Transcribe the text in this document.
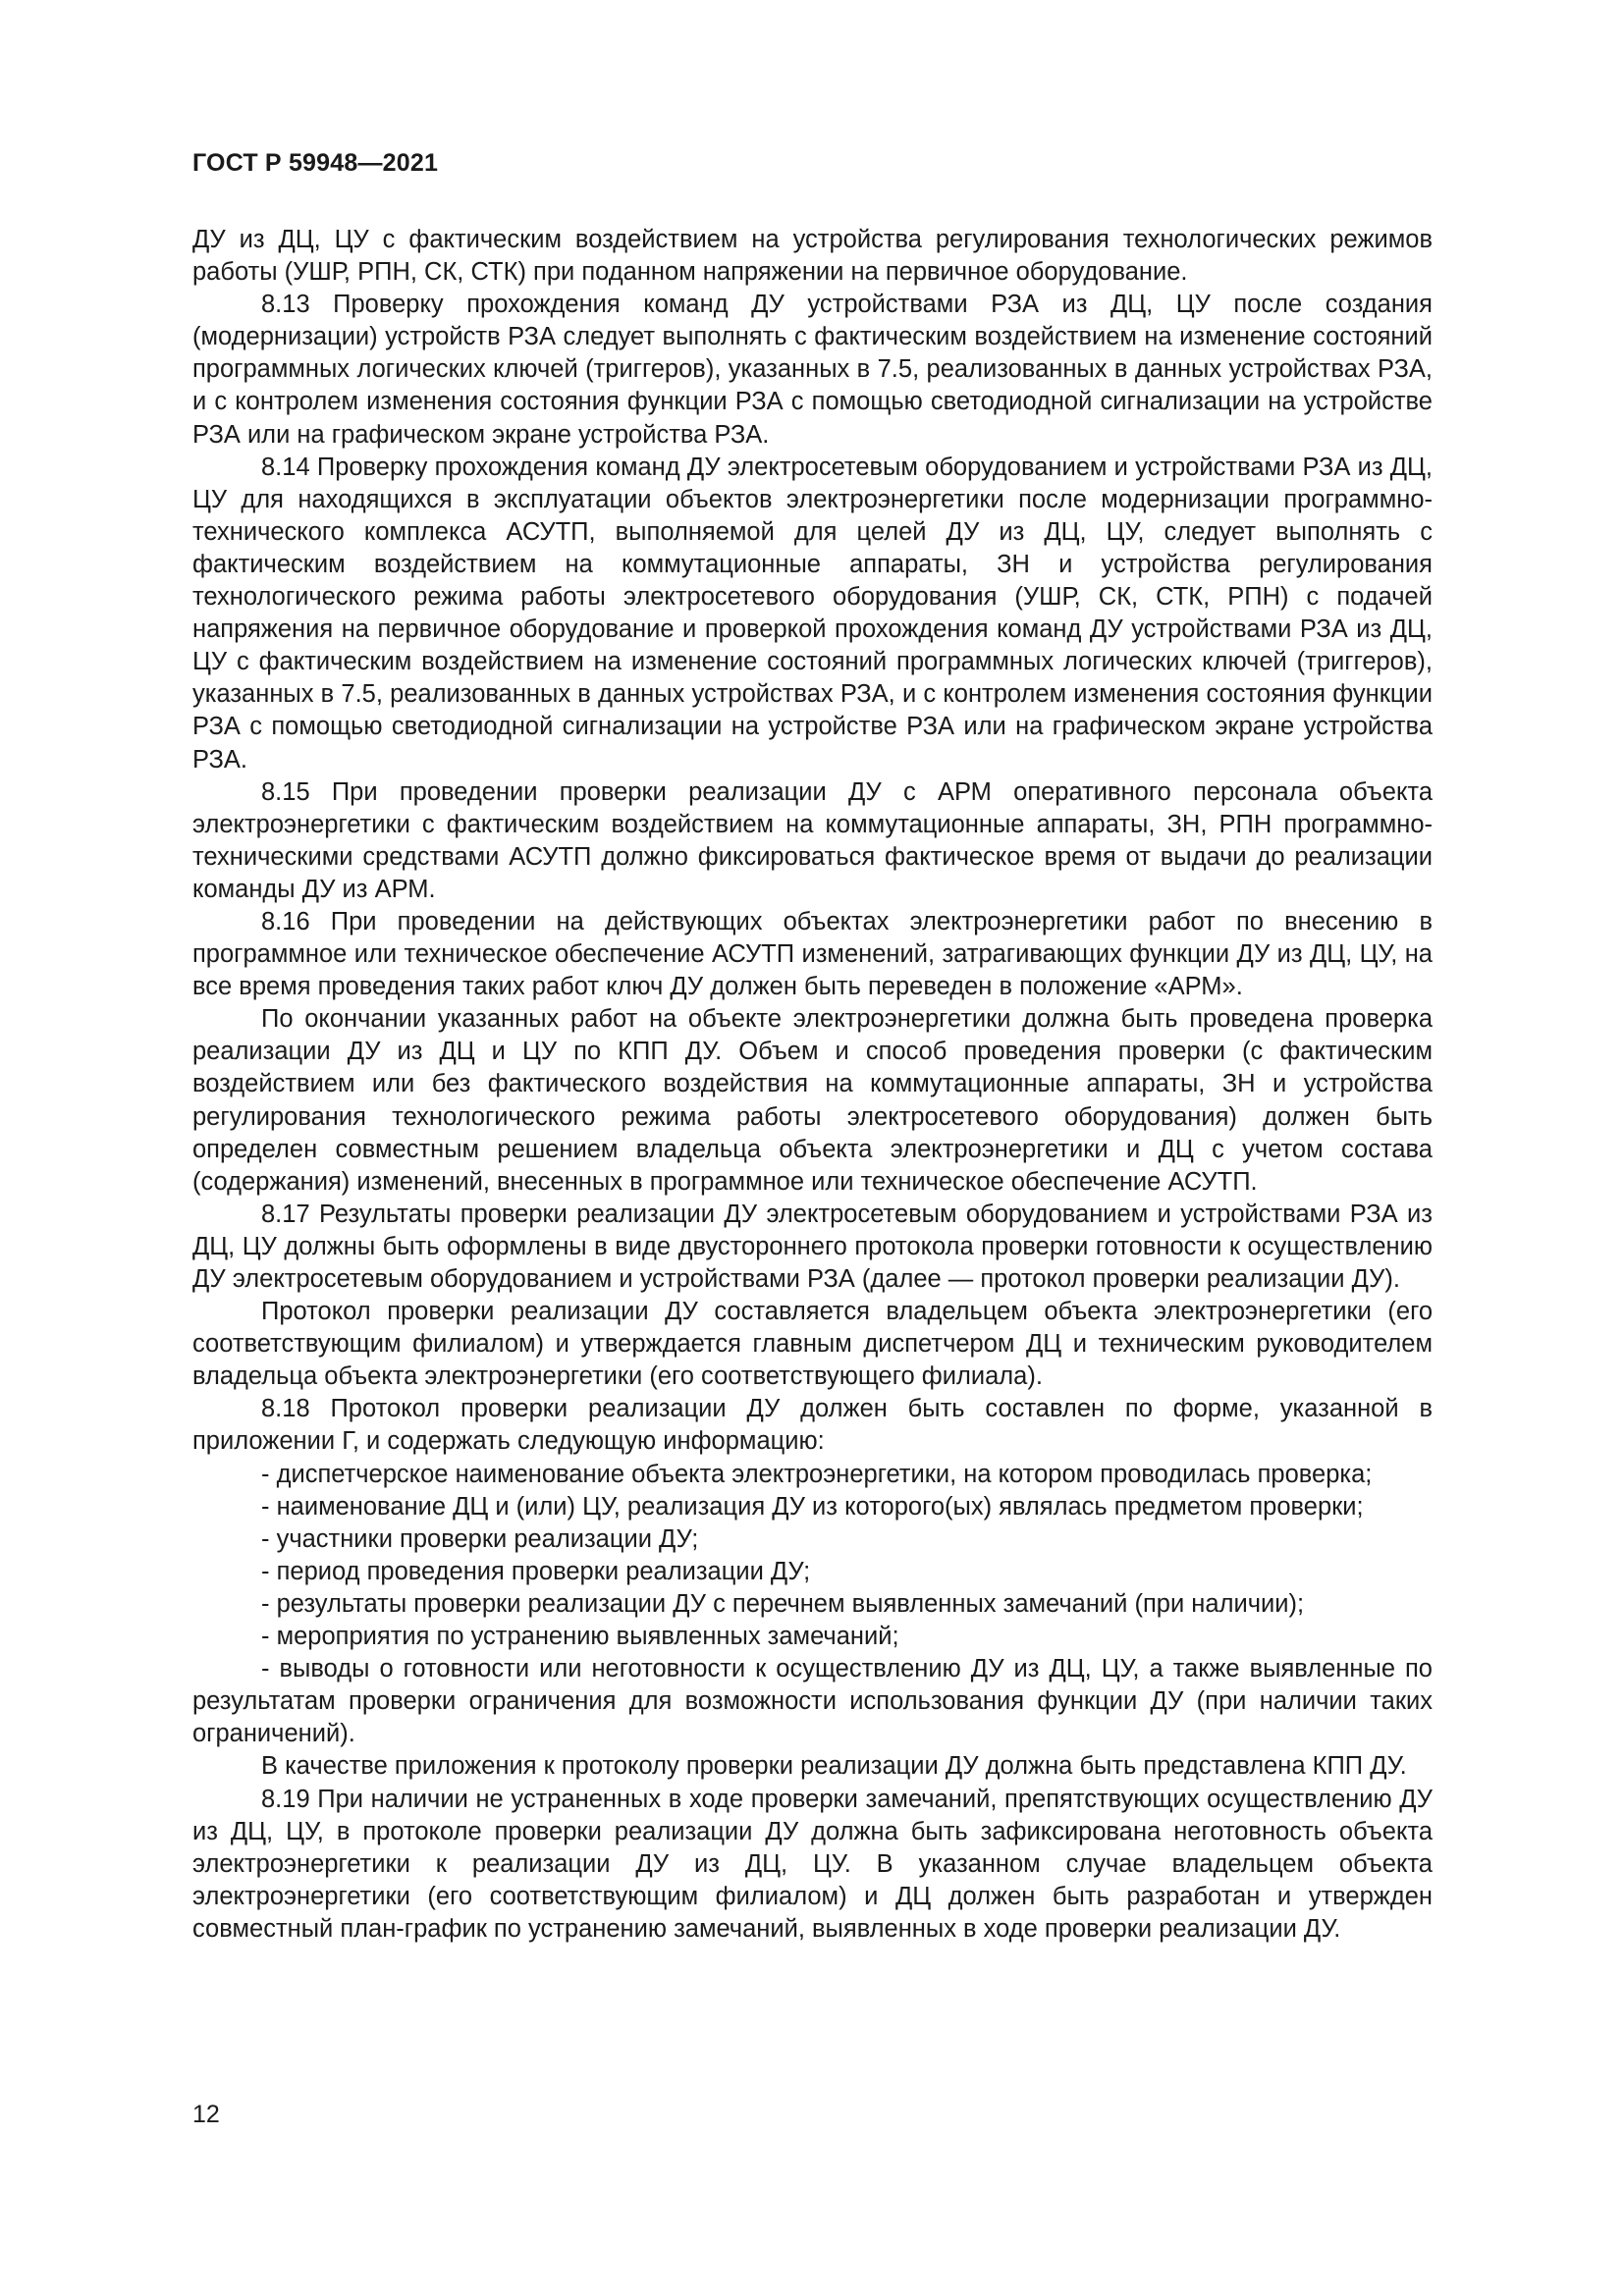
ГОСТ Р 59948—2021

ДУ из ДЦ, ЦУ с фактическим воздействием на устройства регулирования технологических режимов работы (УШР, РПН, СК, СТК) при поданном напряжении на первичное оборудование.

8.13 Проверку прохождения команд ДУ устройствами РЗА из ДЦ, ЦУ после создания (модернизации) устройств РЗА следует выполнять с фактическим воздействием на изменение состояний программных логических ключей (триггеров), указанных в 7.5, реализованных в данных устройствах РЗА, и с контролем изменения состояния функции РЗА с помощью светодиодной сигнализации на устройстве РЗА или на графическом экране устройства РЗА.

8.14 Проверку прохождения команд ДУ электросетевым оборудованием и устройствами РЗА из ДЦ, ЦУ для находящихся в эксплуатации объектов электроэнергетики после модернизации программно-технического комплекса АСУТП, выполняемой для целей ДУ из ДЦ, ЦУ, следует выполнять с фактическим воздействием на коммутационные аппараты, ЗН и устройства регулирования технологического режима работы электросетевого оборудования (УШР, СК, СТК, РПН) с подачей напряжения на первичное оборудование и проверкой прохождения команд ДУ устройствами РЗА из ДЦ, ЦУ с фактическим воздействием на изменение состояний программных логических ключей (триггеров), указанных в 7.5, реализованных в данных устройствах РЗА, и с контролем изменения состояния функции РЗА с помощью светодиодной сигнализации на устройстве РЗА или на графическом экране устройства РЗА.

8.15 При проведении проверки реализации ДУ с АРМ оперативного персонала объекта электроэнергетики с фактическим воздействием на коммутационные аппараты, ЗН, РПН программно-техническими средствами АСУТП должно фиксироваться фактическое время от выдачи до реализации команды ДУ из АРМ.

8.16 При проведении на действующих объектах электроэнергетики работ по внесению в программное или техническое обеспечение АСУТП изменений, затрагивающих функции ДУ из ДЦ, ЦУ, на все время проведения таких работ ключ ДУ должен быть переведен в положение «АРМ».

По окончании указанных работ на объекте электроэнергетики должна быть проведена проверка реализации ДУ из ДЦ и ЦУ по КПП ДУ. Объем и способ проведения проверки (с фактическим воздействием или без фактического воздействия на коммутационные аппараты, ЗН и устройства регулирования технологического режима работы электросетевого оборудования) должен быть определен совместным решением владельца объекта электроэнергетики и ДЦ с учетом состава (содержания) изменений, внесенных в программное или техническое обеспечение АСУТП.

8.17 Результаты проверки реализации ДУ электросетевым оборудованием и устройствами РЗА из ДЦ, ЦУ должны быть оформлены в виде двустороннего протокола проверки готовности к осуществлению ДУ электросетевым оборудованием и устройствами РЗА (далее — протокол проверки реализации ДУ).

Протокол проверки реализации ДУ составляется владельцем объекта электроэнергетики (его соответствующим филиалом) и утверждается главным диспетчером ДЦ и техническим руководителем владельца объекта электроэнергетики (его соответствующего филиала).

8.18 Протокол проверки реализации ДУ должен быть составлен по форме, указанной в приложении Г, и содержать следующую информацию:

- диспетчерское наименование объекта электроэнергетики, на котором проводилась проверка;

- наименование ДЦ и (или) ЦУ, реализация ДУ из которого(ых) являлась предметом проверки;

- участники проверки реализации ДУ;

- период проведения проверки реализации ДУ;

- результаты проверки реализации ДУ с перечнем выявленных замечаний (при наличии);

- мероприятия по устранению выявленных замечаний;

- выводы о готовности или неготовности к осуществлению ДУ из ДЦ, ЦУ, а также выявленные по результатам проверки ограничения для возможности использования функции ДУ (при наличии таких ограничений).

В качестве приложения к протоколу проверки реализации ДУ должна быть представлена КПП ДУ.

8.19 При наличии не устраненных в ходе проверки замечаний, препятствующих осуществлению ДУ из ДЦ, ЦУ, в протоколе проверки реализации ДУ должна быть зафиксирована неготовность объекта электроэнергетики к реализации ДУ из ДЦ, ЦУ. В указанном случае владельцем объекта электроэнергетики (его соответствующим филиалом) и ДЦ должен быть разработан и утвержден совместный план-график по устранению замечаний, выявленных в ходе проверки реализации ДУ.

12
